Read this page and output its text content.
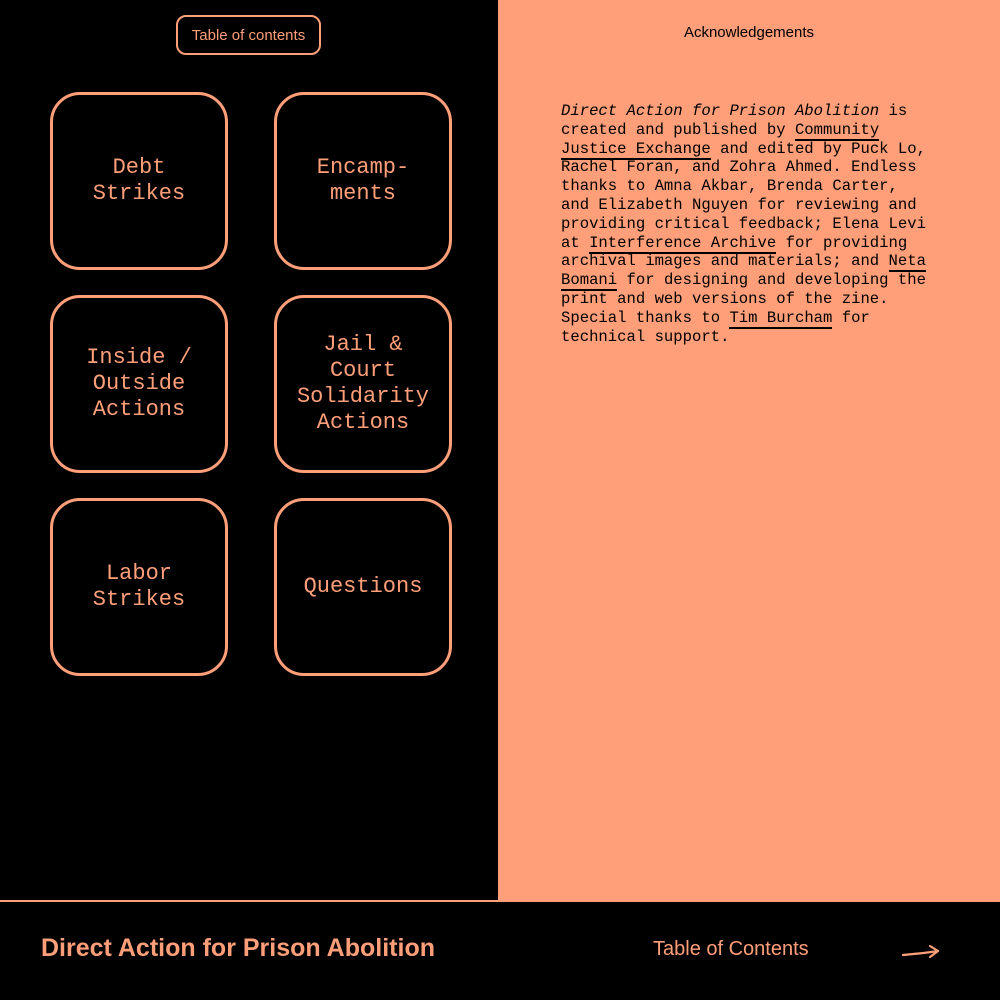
Table of contents
Debt
Strikes
Encamp-
ments
Inside /
Outside
Actions
Jail &
Court
Solidarity
Actions
Labor
Strikes
Questions
Acknowledgements
Direct Action for Prison Abolition is created and published by Community Justice Exchange and edited by Puck Lo, Rachel Foran, and Zohra Ahmed. Endless thanks to Amna Akbar, Brenda Carter, and Elizabeth Nguyen for reviewing and providing critical feedback; Elena Levi at Interference Archive for providing archival images and materials; and Neta Bomani for designing and developing the print and web versions of the zine. Special thanks to Tim Burcham for technical support.
Direct Action for Prison Abolition	Table of Contents
